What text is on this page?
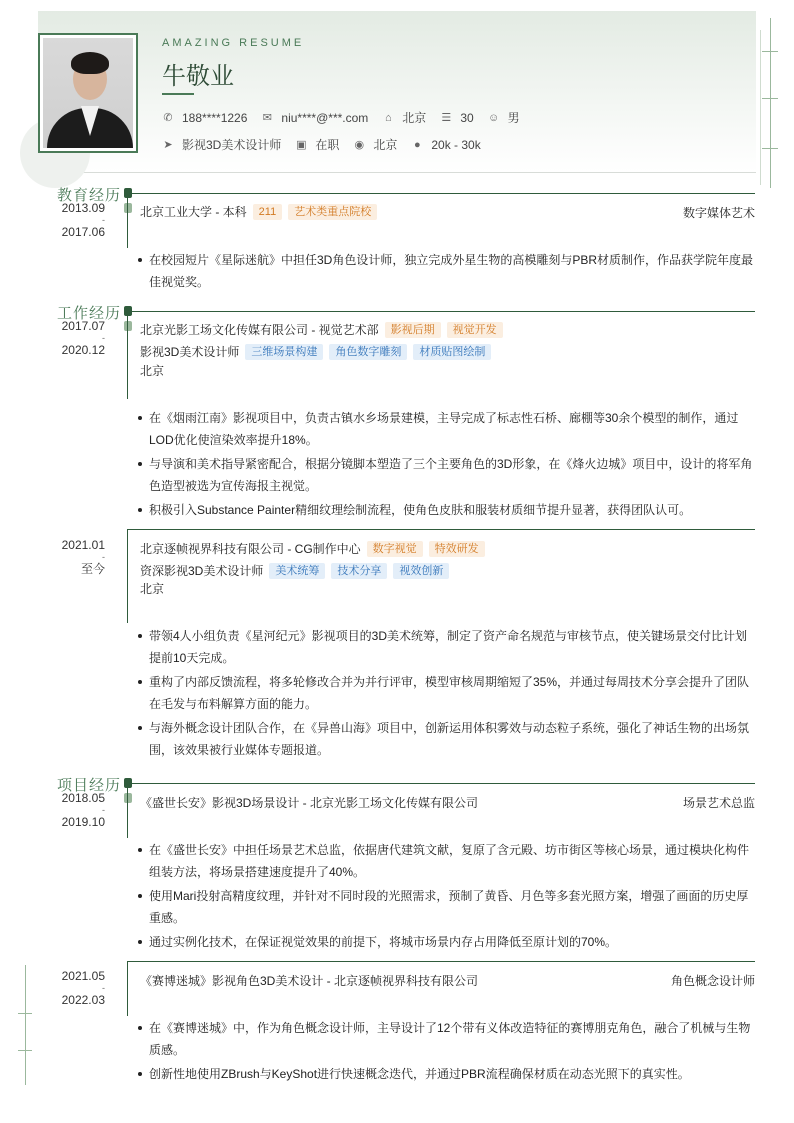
AMAZING RESUME
牛敬业
✆ 188****1226 ✉ niu****@***.com ⌂ 北京 ☰ 30 ☺ 男
➤ 影视3D美术设计师 ▣ 在职 ◉ 北京 ● 20k - 30k
教育经历
2013.09
-
2017.06
北京工业大学 - 本科	211	艺术类重点院校	数字媒体艺术
在校园短片《星际迷航》中担任3D角色设计师，独立完成外星生物的高模雕刻与PBR材质制作，作品获学院年度最佳视觉奖。
工作经历
2017.07
-
2020.12
北京光影工场文化传媒有限公司 - 视觉艺术部	影视后期	视觉开发
影视3D美术设计师	三维场景构建	角色数字雕刻	材质贴图绘制
北京
在《烟雨江南》影视项目中，负责古镇水乡场景建模，主导完成了标志性石桥、廊棚等30余个模型的制作，通过LOD优化使渲染效率提升18%。
与导演和美术指导紧密配合，根据分镜脚本塑造了三个主要角色的3D形象，在《烽火边城》项目中，设计的将军角色造型被选为宣传海报主视觉。
积极引入Substance Painter精细纹理绘制流程，使角色皮肤和服装材质细节提升显著，获得团队认可。
2021.01
-
至今
北京逐帧视界科技有限公司 - CG制作中心	数字视觉	特效研发
资深影视3D美术设计师	美术统筹	技术分享	视效创新
北京
带领4人小组负责《星河纪元》影视项目的3D美术统筹，制定了资产命名规范与审核节点，使关键场景交付比计划提前10天完成。
重构了内部反馈流程，将多轮修改合并为并行评审，模型审核周期缩短了35%，并通过每周技术分享会提升了团队在毛发与布料解算方面的能力。
与海外概念设计团队合作，在《异兽山海》项目中，创新运用体积雾效与动态粒子系统，强化了神话生物的出场氛围，该效果被行业媒体专题报道。
项目经历
2018.05
-
2019.10
《盛世长安》影视3D场景设计 - 北京光影工场文化传媒有限公司	场景艺术总监
在《盛世长安》中担任场景艺术总监，依据唐代建筑文献，复原了含元殿、坊市街区等核心场景，通过模块化构件组装方法，将场景搭建速度提升了40%。
使用Mari投射高精度纹理，并针对不同时段的光照需求，预制了黄昏、月色等多套光照方案，增强了画面的历史厚重感。
通过实例化技术，在保证视觉效果的前提下，将城市场景内存占用降低至原计划的70%。
2021.05
-
2022.03
《赛博迷城》影视角色3D美术设计 - 北京逐帧视界科技有限公司	角色概念设计师
在《赛博迷城》中，作为角色概念设计师，主导设计了12个带有义体改造特征的赛博朋克角色，融合了机械与生物质感。
创新性地使用ZBrush与KeyShot进行快速概念迭代，并通过PBR流程确保材质在动态光照下的真实性。
